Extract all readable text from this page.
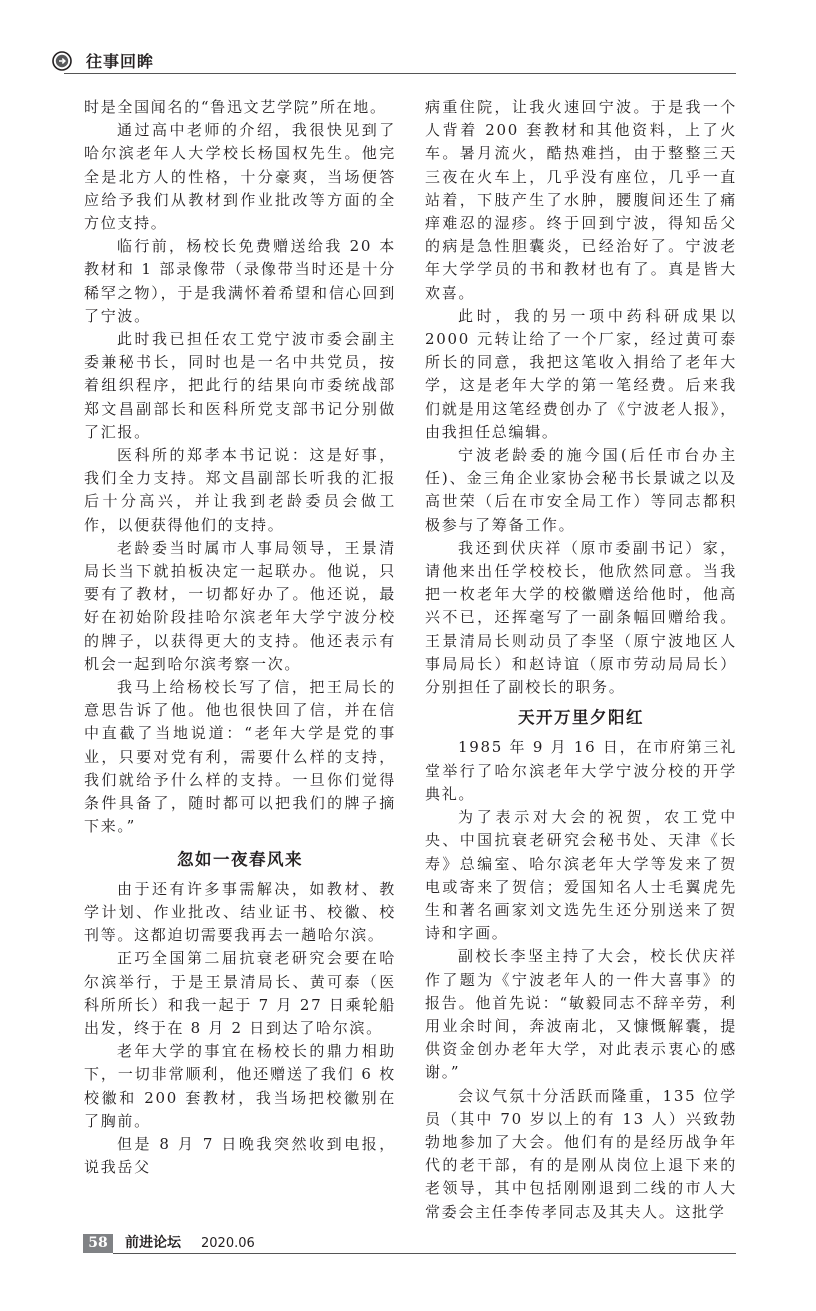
往事回眸

时是全国闻名的“鲁迅文艺学院”所在地。

通过高中老师的介绍，我很快见到了哈尔滨老年人大学校长杨国权先生。他完全是北方人的性格，十分豪爽，当场便答应给予我们从教材到作业批改等方面的全方位支持。

临行前，杨校长免费赠送给我 20 本教材和 1 部录像带（录像带当时还是十分稀罕之物），于是我满怀着希望和信心回到了宁波。

此时我已担任农工党宁波市委会副主委兼秘书长，同时也是一名中共党员，按着组织程序，把此行的结果向市委统战部郑文昌副部长和医科所党支部书记分别做了汇报。

医科所的郑孝本书记说：这是好事，我们全力支持。郑文昌副部长听我的汇报后十分高兴，并让我到老龄委员会做工作，以便获得他们的支持。

老龄委当时属市人事局领导，王景清局长当下就拍板决定一起联办。他说，只要有了教材，一切都好办了。他还说，最好在初始阶段挂哈尔滨老年大学宁波分校的牌子，以获得更大的支持。他还表示有机会一起到哈尔滨考察一次。

我马上给杨校长写了信，把王局长的意思告诉了他。他也很快回了信，并在信中直截了当地说道：“老年大学是党的事业，只要对党有利，需要什么样的支持，我们就给予什么样的支持。一旦你们觉得条件具备了，随时都可以把我们的牌子摘下来。”

忽如一夜春风来

由于还有许多事需解决，如教材、教学计划、作业批改、结业证书、校徽、校刊等。这都迫切需要我再去一趟哈尔滨。

正巧全国第二届抗衰老研究会要在哈尔滨举行，于是王景清局长、黄可泰（医科所所长）和我一起于 7 月 27 日乘轮船出发，终于在 8 月 2 日到达了哈尔滨。

老年大学的事宜在杨校长的鼎力相助下，一切非常顺利，他还赠送了我们 6 枚校徽和 200 套教材，我当场把校徽别在了胸前。

但是 8 月 7 日晚我突然收到电报，说我岳父

病重住院，让我火速回宁波。于是我一个人背着 200 套教材和其他资料，上了火车。暑月流火，酷热难挡，由于整整三天三夜在火车上，几乎没有座位，几乎一直站着，下肢产生了水肿，腰腹间还生了痛痒难忍的湿疹。终于回到宁波，得知岳父的病是急性胆囊炎，已经治好了。宁波老年大学学员的书和教材也有了。真是皆大欢喜。

此时，我的另一项中药科研成果以 2000 元转让给了一个厂家，经过黄可泰所长的同意，我把这笔收入捐给了老年大学，这是老年大学的第一笔经费。后来我们就是用这笔经费创办了《宁波老人报》，由我担任总编辑。

宁波老龄委的施今国(后任市台办主任)、金三角企业家协会秘书长景诚之以及高世荣（后在市安全局工作）等同志都积极参与了筹备工作。

我还到伏庆祥（原市委副书记）家，请他来出任学校校长，他欣然同意。当我把一枚老年大学的校徽赠送给他时，他高兴不已，还挥毫写了一副条幅回赠给我。王景清局长则动员了李坚（原宁波地区人事局局长）和赵诗谊（原市劳动局局长）分别担任了副校长的职务。

天开万里夕阳红

1985 年 9 月 16 日，在市府第三礼堂举行了哈尔滨老年大学宁波分校的开学典礼。

为了表示对大会的祝贺，农工党中央、中国抗衰老研究会秘书处、天津《长寿》总编室、哈尔滨老年大学等发来了贺电或寄来了贺信；爱国知名人士毛翼虎先生和著名画家刘文选先生还分别送来了贺诗和字画。

副校长李坚主持了大会，校长伏庆祥作了题为《宁波老年人的一件大喜事》的报告。他首先说：“敏毅同志不辞辛劳，利用业余时间，奔波南北，又慷慨解囊，提供资金创办老年大学，对此表示衷心的感谢。”

会议气氛十分活跃而隆重，135 位学员（其中 70 岁以上的有 13 人）兴致勃勃地参加了大会。他们有的是经历战争年代的老干部，有的是刚从岗位上退下来的老领导，其中包括刚刚退到二线的市人大常委会主任李传孝同志及其夫人。这批学

58	前进论坛 2020.06
